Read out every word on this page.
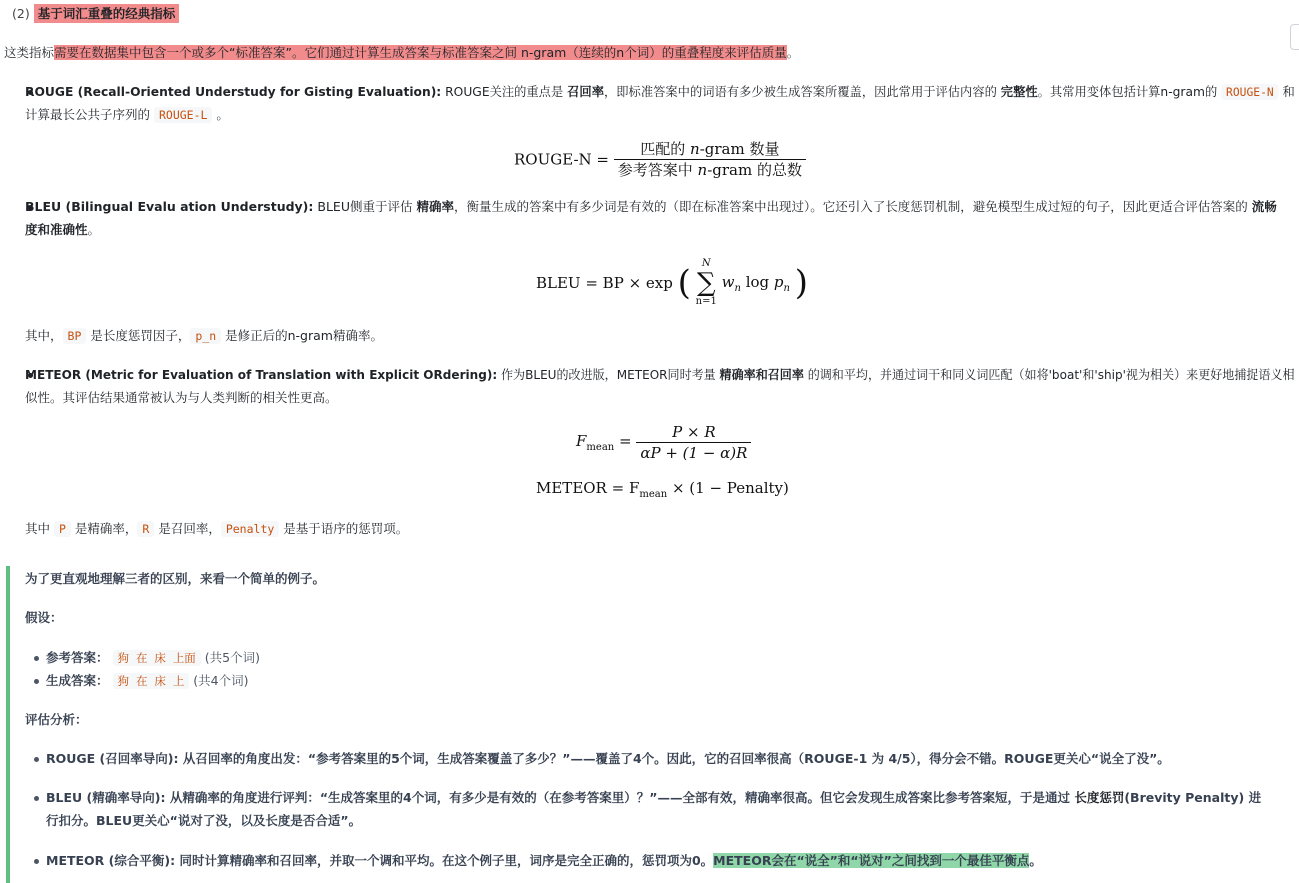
(2) 基于词汇重叠的经典指标
这类指标需要在数据集中包含一个或多个“标准答案”。它们通过计算生成答案与标准答案之间 n-gram（连续的n个词）的重叠程度来评估质量。
ROUGE (Recall-Oriented Understudy for Gisting Evaluation): ROUGE关注的重点是 召回率，即标准答案中的词语有多少被生成答案所覆盖，因此常用于评估内容的 完整性。其常用变体包括计算n-gram的 ROUGE-N 和
计算最长公共子序列的 ROUGE-L 。
ROUGE-N = $\frac{\text{匹配的 n-gram 数量}}{\text{参考答案中 n-gram 的总数}}$
BLEU (Bilingual Evalu ation Understudy): BLEU侧重于评估 精确率，衡量生成的答案中有多少词是有效的（即在标准答案中出现过）。它还引入了长度惩罚机制，避免模型生成过短的句子，因此更适合评估答案的 流畅
度和准确性。
BLEU = BP × exp (	N
∑
n=1
$w_n$ $\log p_n$ )
其中， BP 是长度惩罚因子， p_n 是修正后的n-gram精确率。
METEOR (Metric for Evaluation of Translation with Explicit ORdering): 作为BLEU的改进版，METEOR同时考量 精确率和召回率 的调和平均，并通过词干和同义词匹配（如将'boat'和'ship'视为相关）来更好地捕捉语义相
似性。其评估结果通常被认为与人类判断的相关性更高。
$F_{mean} = \frac{P \times R}{\alpha P + (1 - \alpha)R}$
METEOR = $F_{mean} \times (1$ − Penalty)
其中 P 是精确率， R 是召回率， Penalty 是基于语序的惩罚项。
为了更直观地理解三者的区别，来看一个简单的例子。
假设：
参考答案： 狗 在 床 上面 (共5个词)
生成答案： 狗 在 床 上 (共4个词)
评估分析：
ROUGE (召回率导向): 从召回率的角度出发：“参考答案里的5个词，生成答案覆盖了多少？”——覆盖了4个。因此，它的召回率很高（ROUGE-1 为 4/5），得分会不错。ROUGE更关心“说全了没”。
BLEU (精确率导向): 从精确率的角度进行评判：“生成答案里的4个词，有多少是有效的（在参考答案里）？”——全部有效，精确率很高。但它会发现生成答案比参考答案短，于是通过 长度惩罚(Brevity Penalty) 进
行扣分。BLEU更关心“说对了没，以及长度是否合适”。
METEOR (综合平衡): 同时计算精确率和召回率，并取一个调和平均。在这个例子里，词序是完全正确的，惩罚项为0。METEOR会在“说全”和“说对”之间找到一个最佳平衡点。
